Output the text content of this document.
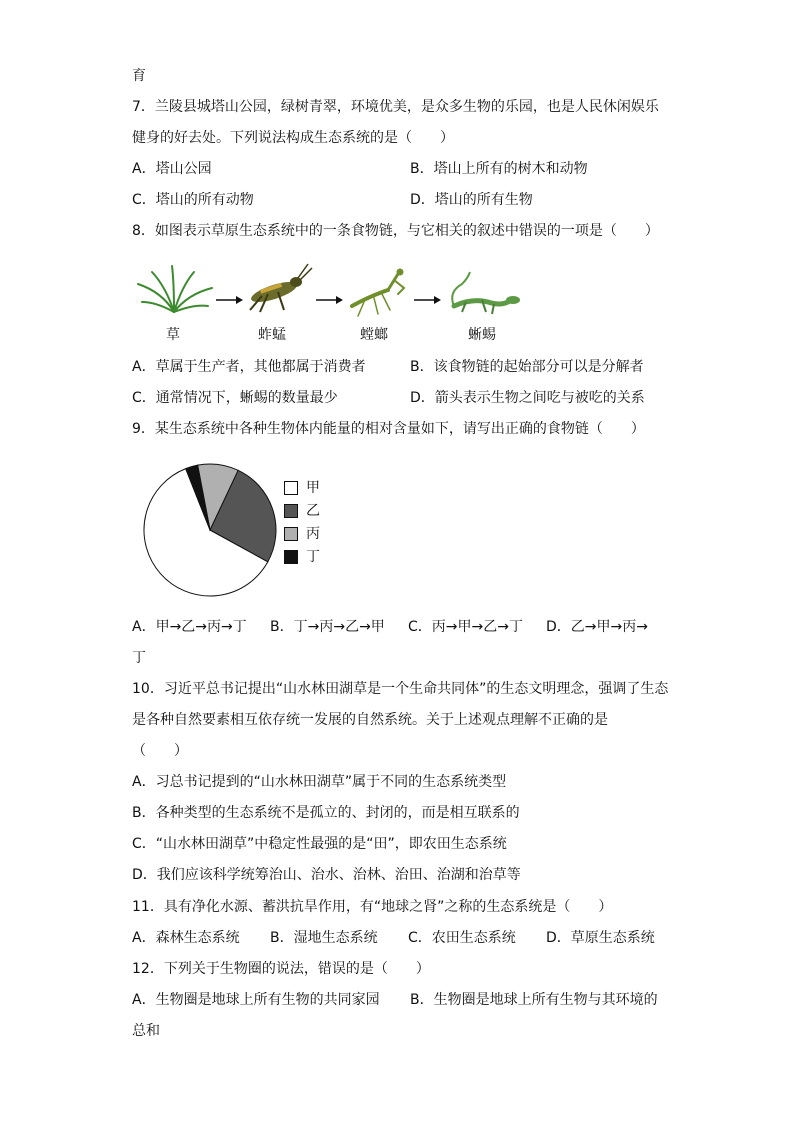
育
7．兰陵县城塔山公园，绿树青翠，环境优美，是众多生物的乐园，也是人民休闲娱乐
健身的好去处。下列说法构成生态系统的是（　　）
A．塔山公园	B．塔山上所有的树木和动物
C．塔山的所有动物	D．塔山的所有生物
8．如图表示草原生态系统中的一条食物链，与它相关的叙述中错误的一项是（　　）
草	蚱蜢	螳螂	蜥蜴
A．草属于生产者，其他都属于消费者	B．该食物链的起始部分可以是分解者
C．通常情况下，蜥蜴的数量最少	D．箭头表示生物之间吃与被吃的关系
9．某生态系统中各种生物体内能量的相对含量如下，请写出正确的食物链（　　）
甲
乙
丙
丁
A．甲→乙→丙→丁 B．丁→丙→乙→甲 C．丙→甲→乙→丁 D．乙→甲→丙→
丁
10．习近平总书记提出“山水林田湖草是一个生命共同体”的生态文明理念，强调了生态
是各种自然要素相互依存统一发展的自然系统。关于上述观点理解不正确的是
（　　）
A．习总书记提到的“山水林田湖草”属于不同的生态系统类型
B．各种类型的生态系统不是孤立的、封闭的，而是相互联系的
C．“山水林田湖草”中稳定性最强的是“田”，即农田生态系统
D．我们应该科学统筹治山、治水、治林、治田、治湖和治草等
11．具有净化水源、蓄洪抗旱作用，有“地球之肾”之称的生态系统是（　　）
A．森林生态系统 B．湿地生态系统 C．农田生态系统 D．草原生态系统
12．下列关于生物圈的说法，错误的是（　　）
A．生物圈是地球上所有生物的共同家园 B．生物圈是地球上所有生物与其环境的
总和
